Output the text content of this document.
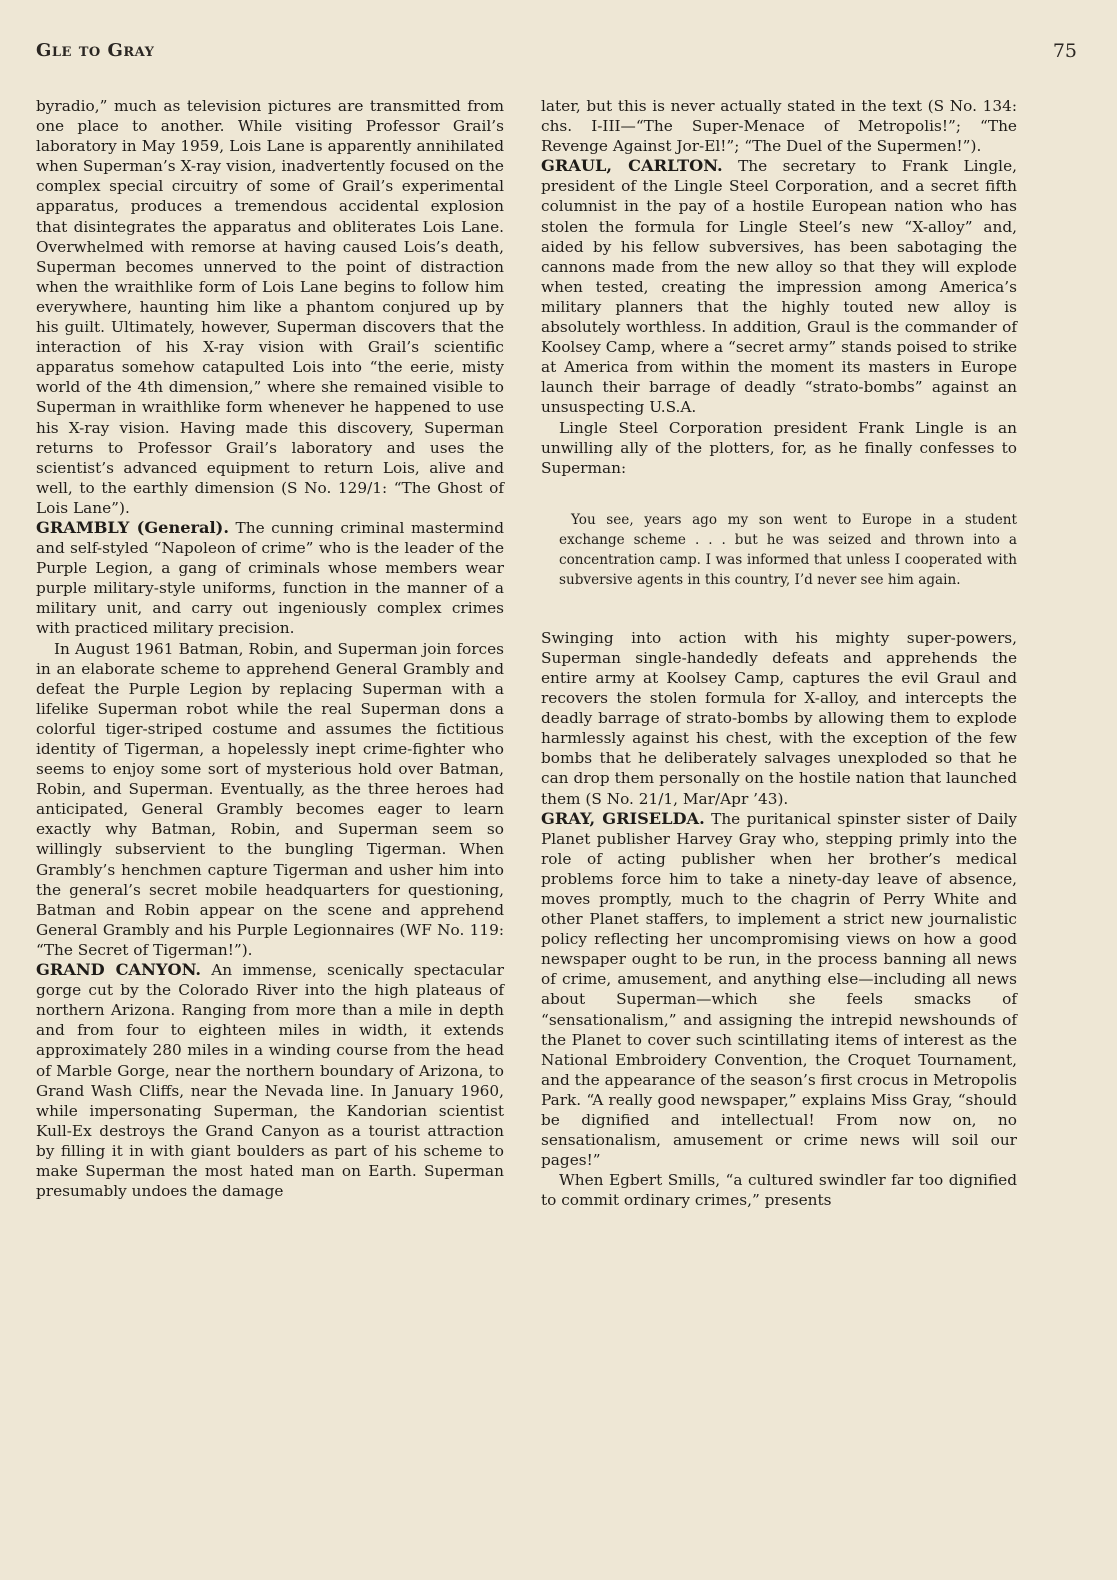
Gle to Gray	75

byradio,” much as television pictures are transmitted from one place to another. While visiting Professor Grail’s laboratory in May 1959, Lois Lane is apparently annihilated when Superman’s X-ray vision, inadvertently focused on the complex special circuitry of some of Grail’s experimental apparatus, produces a tremendous accidental explosion that disintegrates the apparatus and obliterates Lois Lane. Overwhelmed with remorse at having caused Lois’s death, Superman becomes unnerved to the point of distraction when the wraithlike form of Lois Lane begins to follow him everywhere, haunting him like a phantom conjured up by his guilt. Ultimately, however, Superman discovers that the interaction of his X-ray vision with Grail’s scientific apparatus somehow catapulted Lois into “the eerie, misty world of the 4th dimension,” where she remained visible to Superman in wraithlike form whenever he happened to use his X-ray vision. Having made this discovery, Superman returns to Professor Grail’s laboratory and uses the scientist’s advanced equipment to return Lois, alive and well, to the earthly dimension (S No. 129/1: “The Ghost of Lois Lane”).

GRAMBLY (General). The cunning criminal mastermind and self-styled “Napoleon of crime” who is the leader of the Purple Legion, a gang of criminals whose members wear purple military-style uniforms, function in the manner of a military unit, and carry out ingeniously complex crimes with practiced military precision.

In August 1961 Batman, Robin, and Superman join forces in an elaborate scheme to apprehend General Grambly and defeat the Purple Legion by replacing Superman with a lifelike Superman robot while the real Superman dons a colorful tiger-striped costume and assumes the fictitious identity of Tigerman, a hopelessly inept crime-fighter who seems to enjoy some sort of mysterious hold over Batman, Robin, and Superman. Eventually, as the three heroes had anticipated, General Grambly becomes eager to learn exactly why Batman, Robin, and Superman seem so willingly subservient to the bungling Tigerman. When Grambly’s henchmen capture Tigerman and usher him into the general’s secret mobile headquarters for questioning, Batman and Robin appear on the scene and apprehend General Grambly and his Purple Legionnaires (WF No. 119: “The Secret of Tigerman!”).

GRAND CANYON. An immense, scenically spectacular gorge cut by the Colorado River into the high plateaus of northern Arizona. Ranging from more than a mile in depth and from four to eighteen miles in width, it extends approximately 280 miles in a winding course from the head of Marble Gorge, near the northern boundary of Arizona, to Grand Wash Cliffs, near the Nevada line. In January 1960, while impersonating Superman, the Kandorian scientist Kull-Ex destroys the Grand Canyon as a tourist attraction by filling it in with giant boulders as part of his scheme to make Superman the most hated man on Earth. Superman presumably undoes the damage

later, but this is never actually stated in the text (S No. 134: chs. I-III—“The Super-Menace of Metropolis!”; “The Revenge Against Jor-El!”; “The Duel of the Supermen!”).

GRAUL, CARLTON. The secretary to Frank Lingle, president of the Lingle Steel Corporation, and a secret fifth columnist in the pay of a hostile European nation who has stolen the formula for Lingle Steel’s new “X-alloy” and, aided by his fellow subversives, has been sabotaging the cannons made from the new alloy so that they will explode when tested, creating the impression among America’s military planners that the highly touted new alloy is absolutely worthless. In addition, Graul is the commander of Koolsey Camp, where a “secret army” stands poised to strike at America from within the moment its masters in Europe launch their barrage of deadly “strato-bombs” against an unsuspecting U.S.A.

Lingle Steel Corporation president Frank Lingle is an unwilling ally of the plotters, for, as he finally confesses to Superman:

You see, years ago my son went to Europe in a student exchange scheme . . . but he was seized and thrown into a concentration camp. I was informed that unless I cooperated with subversive agents in this country, I’d never see him again.

Swinging into action with his mighty super-powers, Superman single-handedly defeats and apprehends the entire army at Koolsey Camp, captures the evil Graul and recovers the stolen formula for X-alloy, and intercepts the deadly barrage of strato-bombs by allowing them to explode harmlessly against his chest, with the exception of the few bombs that he deliberately salvages unexploded so that he can drop them personally on the hostile nation that launched them (S No. 21/1, Mar/Apr ’43).

GRAY, GRISELDA. The puritanical spinster sister of Daily Planet publisher Harvey Gray who, stepping primly into the role of acting publisher when her brother’s medical problems force him to take a ninety-day leave of absence, moves promptly, much to the chagrin of Perry White and other Planet staffers, to implement a strict new journalistic policy reflecting her uncompromising views on how a good newspaper ought to be run, in the process banning all news of crime, amusement, and anything else—including all news about Superman—which she feels smacks of “sensationalism,” and assigning the intrepid newshounds of the Planet to cover such scintillating items of interest as the National Embroidery Convention, the Croquet Tournament, and the appearance of the season’s first crocus in Metropolis Park. “A really good newspaper,” explains Miss Gray, “should be dignified and intellectual! From now on, no sensationalism, amusement or crime news will soil our pages!”

When Egbert Smills, “a cultured swindler far too dignified to commit ordinary crimes,” presents
